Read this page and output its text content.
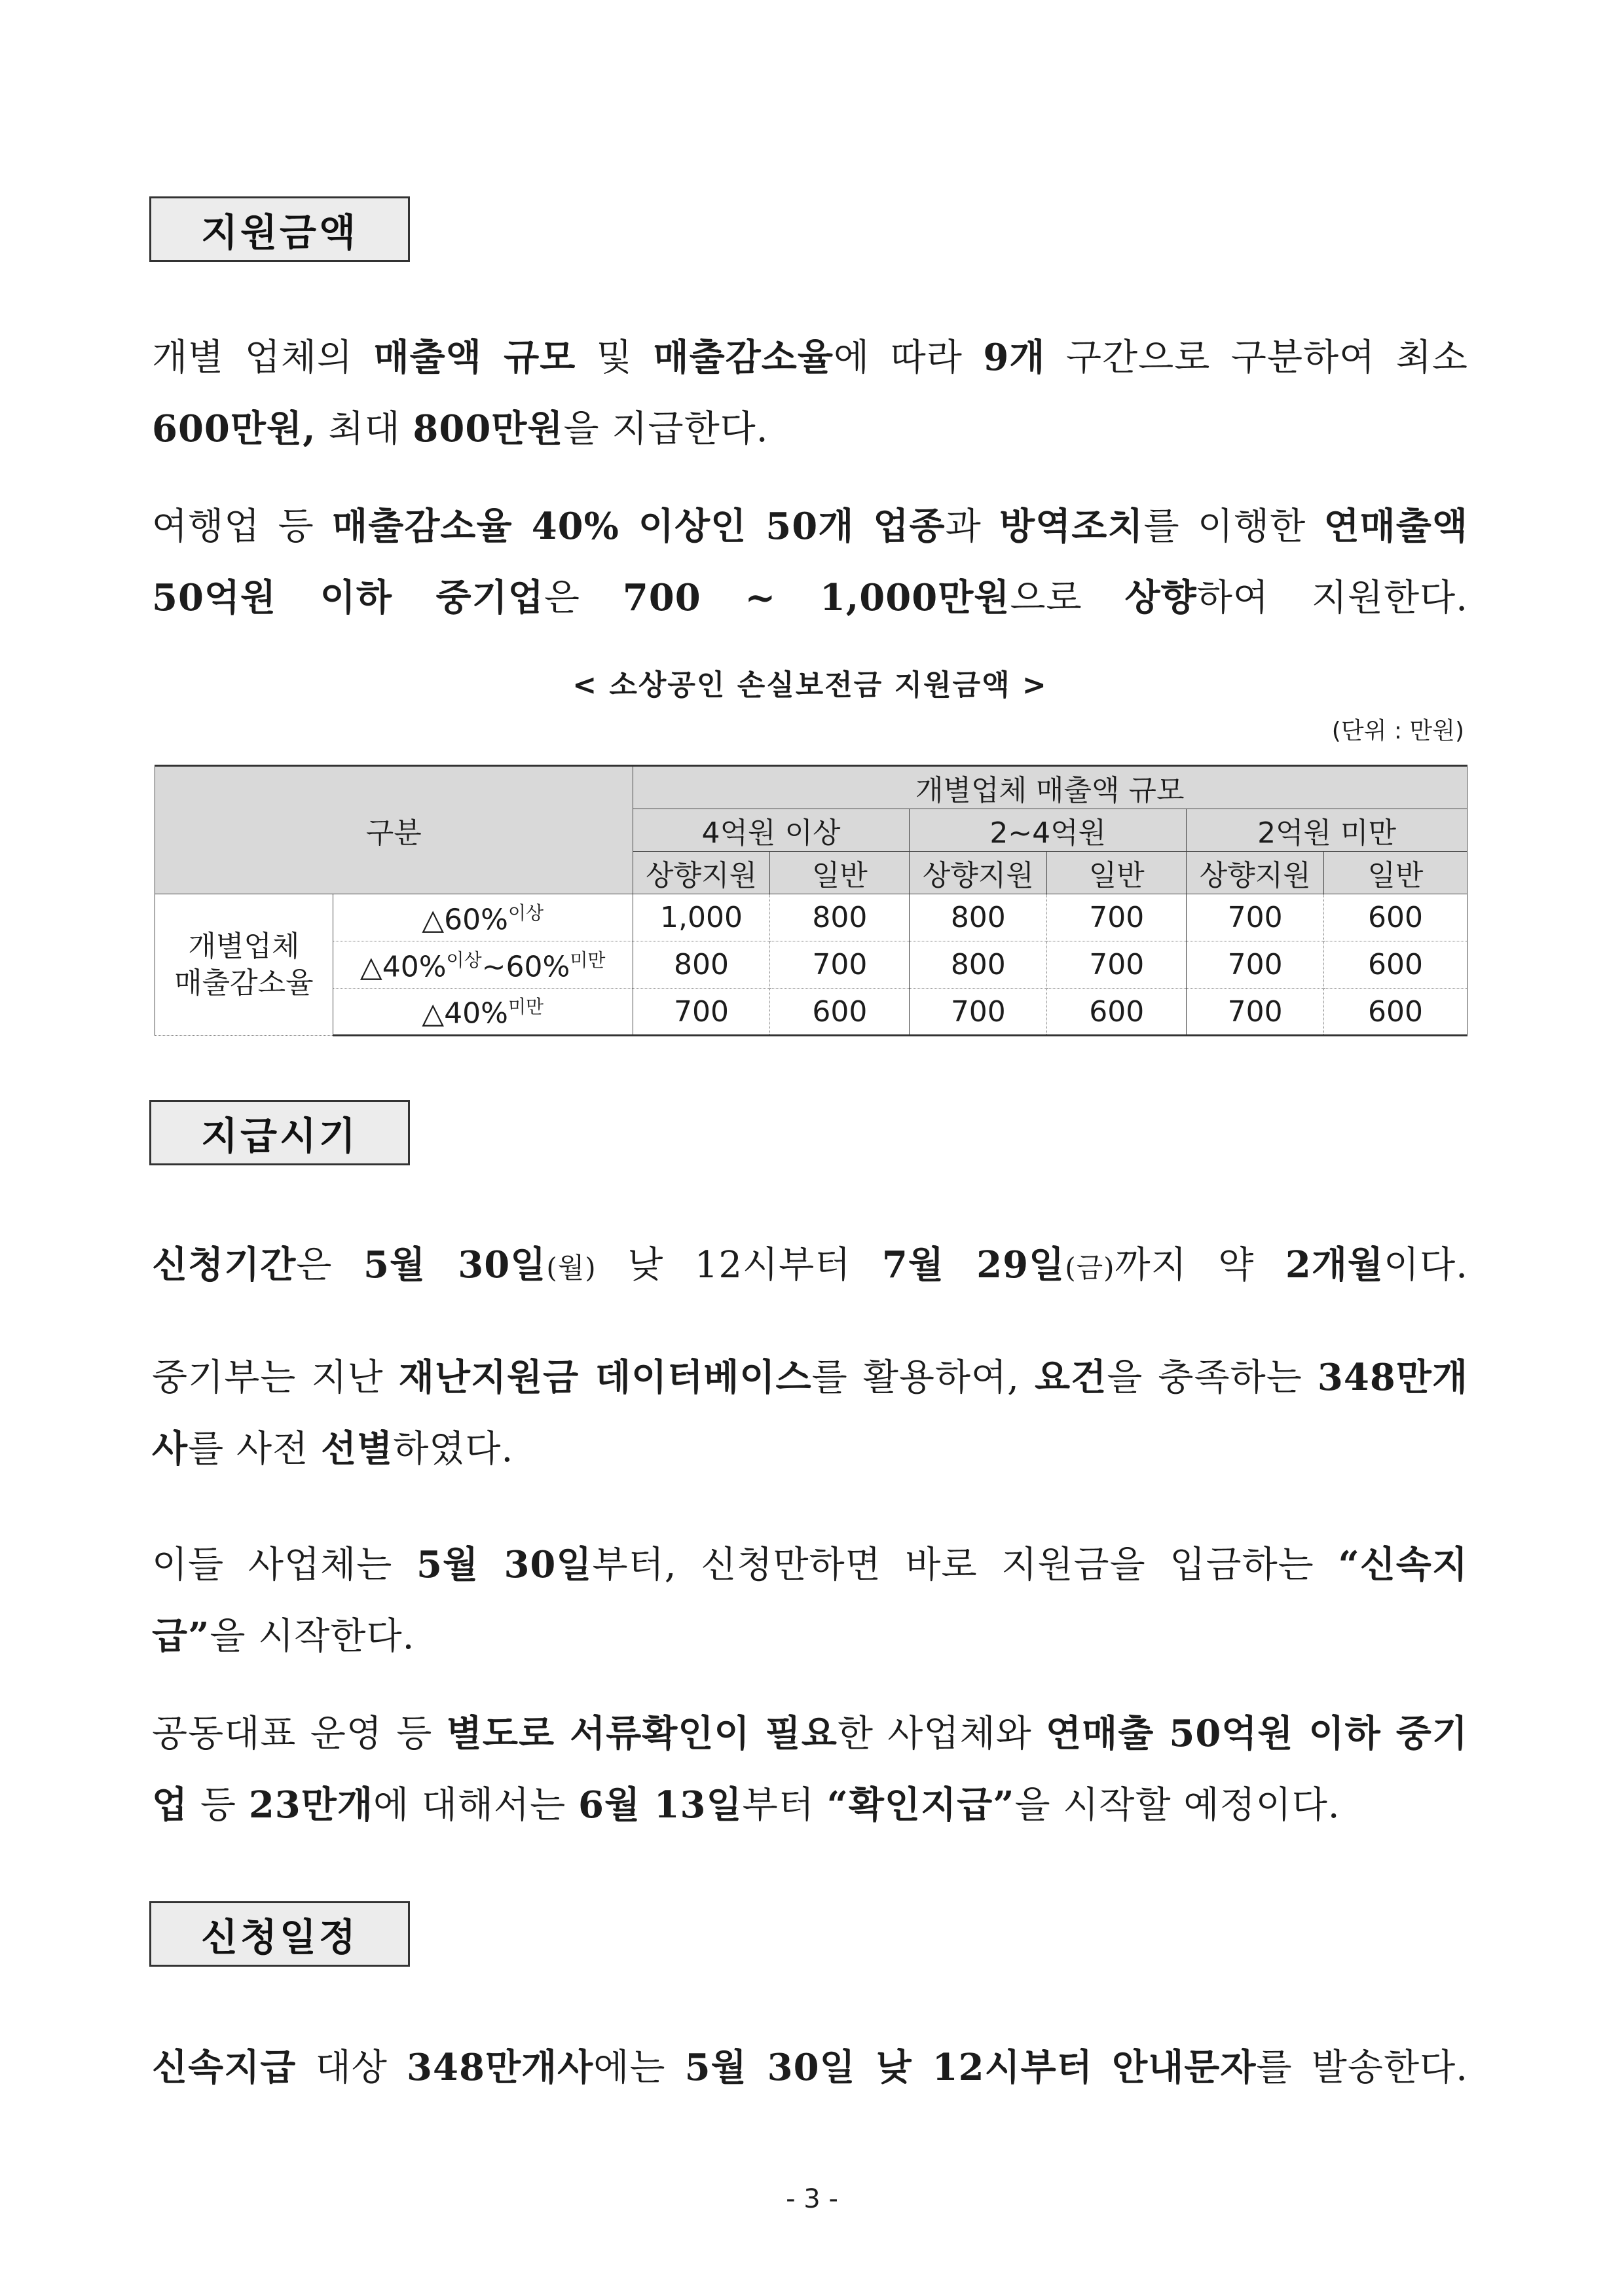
지원금액

개별 업체의 매출액 규모 및 매출감소율에 따라 9개 구간으로 구분하여 최소 600만원, 최대 800만원을 지급한다.

여행업 등 매출감소율 40% 이상인 50개 업종과 방역조치를 이행한 연매출액 50억원 이하 중기업은 700 ~ 1,000만원으로 상향하여 지원한다.

< 소상공인 손실보전금 지원금액 >

(단위 : 만원)

구분		개별업체 매출액 규모					
		4억원 이상		2~4억원		2억원 미만	
		상향지원	일반	상향지원	일반	상향지원	일반
개별업체
매출감소율	△60%$^{이상}$	1,000	800	800	700	700	600
	△40%$^{이상}$~60%$^{미만}$	800	700	800	700	700	600
	△40%$^{미만}$	700	600	700	600	700	600
지급시기

신청기간은 5월 30일(월) 낮 12시부터 7월 29일(금)까지 약 2개월이다.

중기부는 지난 재난지원금 데이터베이스를 활용하여, 요건을 충족하는 348만개사를 사전 선별하였다.

이들 사업체는 5월 30일부터, 신청만하면 바로 지원금을 입금하는 “신속지급”을 시작한다.

공동대표 운영 등 별도로 서류확인이 필요한 사업체와 연매출 50억원 이하 중기업 등 23만개에 대해서는 6월 13일부터 “확인지급”을 시작할 예정이다.

신청일정

신속지급 대상 348만개사에는 5월 30일 낮 12시부터 안내문자를 발송한다.

- 3 -
